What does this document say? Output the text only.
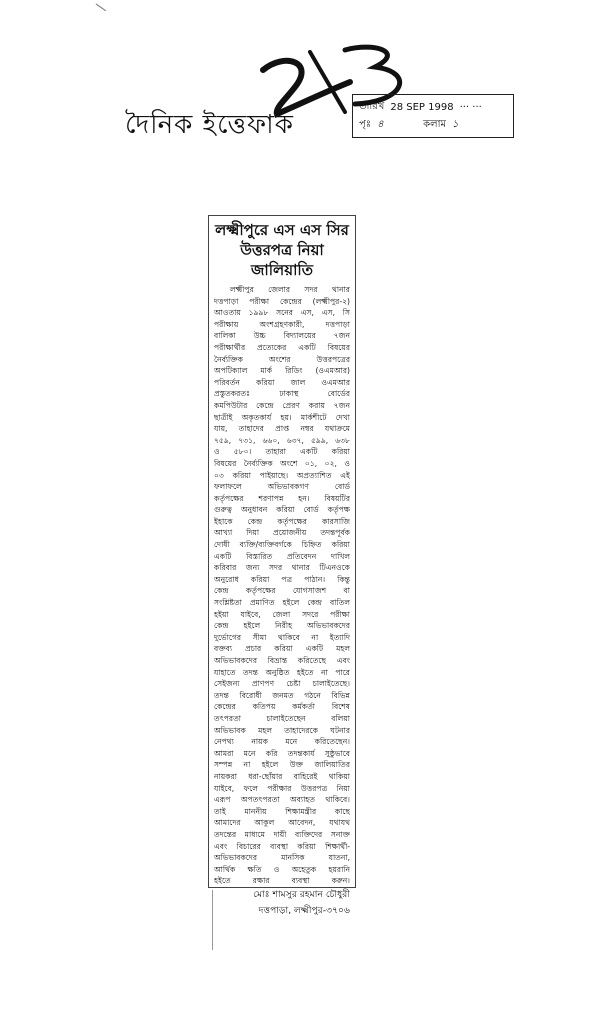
দৈনিক ইত্তেফাক
তারিখ 28 SEP 1998 ··· ···
পৃঃ ৪	কলাম ১
লক্ষ্মীপুরে এস এস সির
উত্তরপত্র নিয়া জালিয়াতি
লক্ষ্মীপুর জেলার সদর থানার
দত্তপাড়া পরীক্ষা কেন্দ্রের (লক্ষ্মীপুর-২)
আওতায় ১৯৯৮ সনের এস, এস, সি
পরীক্ষায় অংশগ্রহণকারী, দত্তপাড়া
বালিকা উচ্চ বিদ্যালয়ের ৭জন
পরীক্ষার্থীর প্রত্যেকের একটি বিষয়ের
নৈর্ব্যক্তিক অংশের উত্তরপত্রের
অপটিক্যাল মার্ক রিডিং (ওএমআর)
পরিবর্তন করিয়া জাল ওএমআর
প্রস্তুতকরতঃ ঢাকাস্থ বোর্ডের
কমপিউটার কেন্দ্রে প্রেরণ করায় ৭জন
ছাত্রীই অকৃতকার্য হয়। মার্কশীটে দেখা
যায়, তাহাদের প্রাপ্ত নম্বর যথাক্রমে
৭৫৯, ৭৩১, ৬৬০, ৬৩৭, ৫৯৯, ৬৩৮
ও ৫৮০। তাহারা একটি করিয়া
বিষয়ের নৈর্ব্যক্তিক অংশে ০১, ০২, ও
০৩ করিয়া পাইয়াছে। অপ্রত্যাশিত এই
ফলাফলে অভিভাবকগণ বোর্ড
কর্তৃপক্ষের শরণাপন্ন হন। বিষয়টির
গুরুত্ব অনুধাবন করিয়া বোর্ড কর্তৃপক্ষ
ইহাকে কেন্দ্র কর্তৃপক্ষের কারসাজি
আখ্যা দিয়া প্রয়োজনীয় তদন্তপূর্বক
দোষী ব্যক্তি/ব্যক্তিবর্গকে চিহ্নিত করিয়া
একটি বিস্তারিত প্রতিবেদন দাখিল
করিবার জন্য সদর থানার টিএনওকে
অনুরোধ করিয়া পত্র পাঠান। কিন্তু
কেন্দ্র কর্তৃপক্ষের যোগসাজশ বা
সংশ্লিষ্টতা প্রমাণিত হইলে কেন্দ্র বাতিল
হইয়া যাইবে, জেলা সদরে পরীক্ষা
কেন্দ্র হইলে নিরীহ অভিভাবকদের
দুর্ভোগের সীমা থাকিবে না ইত্যাদি
বক্তব্য প্রচার করিয়া একটি মহল
অভিভাবকদের বিভ্রান্ত করিতেছে এবং
যাহাতে তদন্ত অনুষ্ঠিত হইতে না পারে
সেইজন্য প্রাণপণ চেষ্টা চালাইতেছে।
তদন্ত বিরোধী জনমত গঠনে বিভিন্ন
কেন্দ্রের কতিপয় কর্মকর্তা বিশেষ
তৎপরতা চালাইতেছেন বলিয়া
অভিভাবক মহল তাহাদেরকে ঘটনার
নেপথ্য নায়ক মনে করিতেছেন।
আমরা মনে করি তদন্তকার্য সুষ্ঠুভাবে
সম্পন্ন না হইলে উক্ত জালিয়াতির
নায়করা ধরা-ছোঁয়ার বাহিরেই থাকিয়া
যাইবে, ফলে পরীক্ষার উত্তরপত্র নিয়া
এরূপ অপতৎপরতা অব্যাহত থাকিবে।
তাই মাননীয় শিক্ষামন্ত্রীর কাছে
আমাদের আকুল আবেদন, যথাযথ
তদন্তের মাধ্যমে দায়ী ব্যক্তিদের সনাক্ত
এবং বিচারের ব্যবস্থা করিয়া শিক্ষার্থী-
অভিভাবকদের মানসিক যাতনা,
আর্থিক ক্ষতি ও অহেতুক হয়রানি
হইতে রক্ষার ব্যবস্থা করুন।
মোঃ শামসুর রহমান চৌধুরী
দত্তপাড়া, লক্ষ্মীপুর-৩৭০৬
